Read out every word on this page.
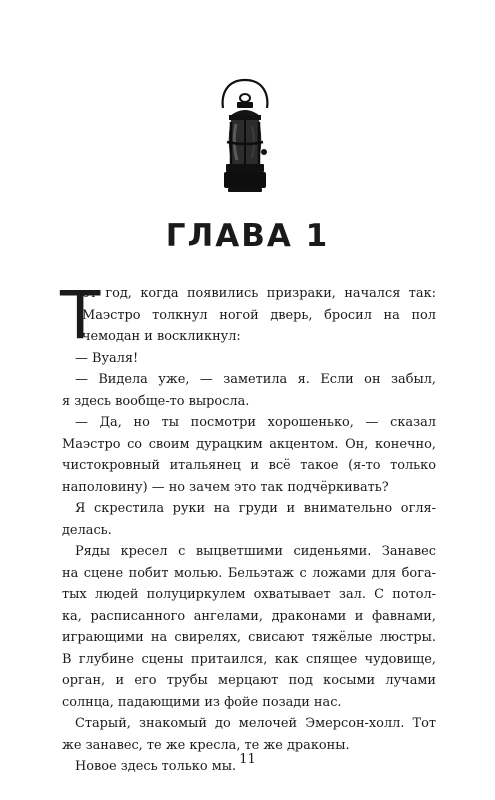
ГЛАВА 1
Т
от год, когда появились призраки, начался так:
Маэстро толкнул ногой дверь, бросил на пол
чемодан и воскликнул:
— Вуаля!
— Видела уже, — заметила я. Если он забыл,
я здесь вообще-то выросла.
— Да, но ты посмотри хорошенько, — сказал
Маэстро со своим дурацким акцентом. Он, конечно,
чистокровный итальянец и всё такое (я-то только
наполовину) — но зачем это так подчёркивать?
Я скрестила руки на груди и внимательно огля-
делась.
Ряды кресел с выцветшими сиденьями. Занавес
на сцене побит молью. Бельэтаж с ложами для бога-
тых людей полуциркулем охватывает зал. С потол-
ка, расписанного ангелами, драконами и фавнами,
играющими на свирелях, свисают тяжёлые люстры.
В глубине сцены притаился, как спящее чудовище,
орган, и его трубы мерцают под косыми лучами
солнца, падающими из фойе позади нас.
Старый, знакомый до мелочей Эмерсон-холл. Тот
же занавес, те же кресла, те же драконы.
Новое здесь только мы. 11
